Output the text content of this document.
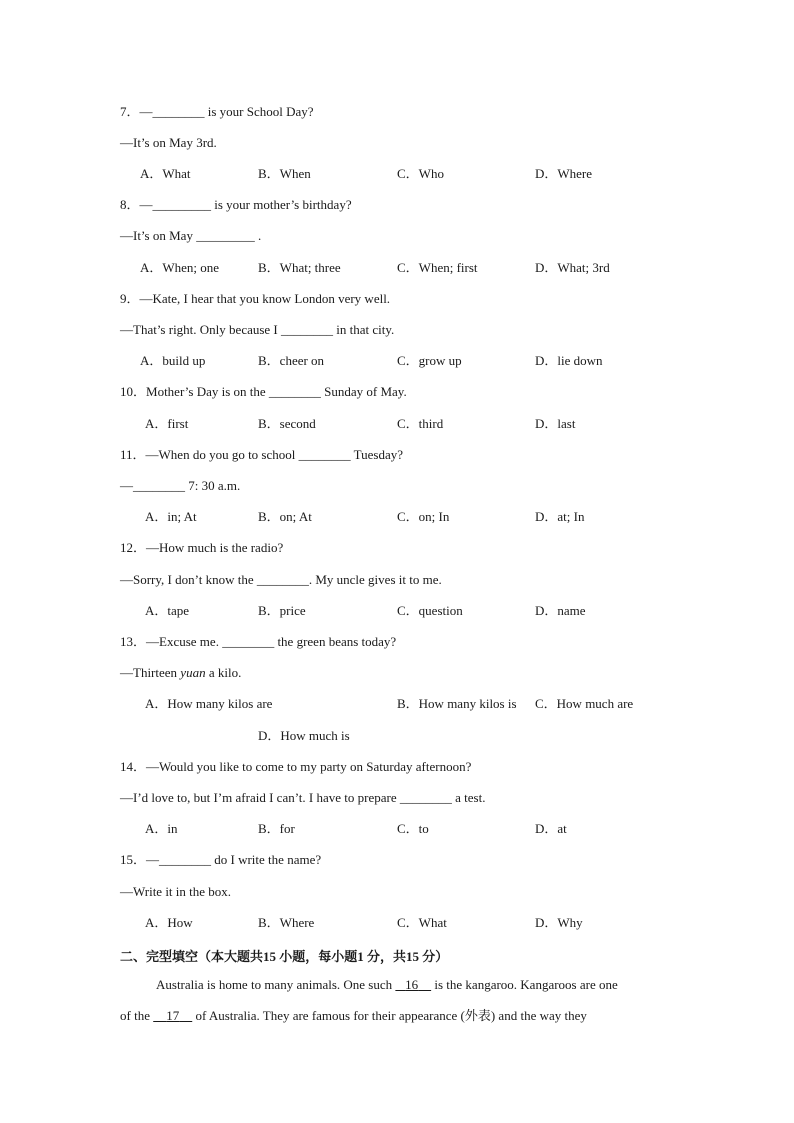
7．—________ is your School Day?
—It’s on May 3rd.
A．What	B．When	C．Who	D．Where
8．—_________ is your mother’s birthday?
—It’s on May _________ .
A．When; one	B．What; three	C．When; first	D．What; 3rd
9．—Kate, I hear that you know London very well.
—That’s right. Only because I ________ in that city.
A．build up	B．cheer on	C．grow up	D．lie down
10．Mother’s Day is on the ________ Sunday of May.
A．first	B．second	C．third	D．last
11．—When do you go to school ________ Tuesday?
—________ 7: 30 a.m.
A．in; At	B．on; At	C．on; In	D．at; In
12．—How much is the radio?
—Sorry, I don’t know the ________. My uncle gives it to me.
A．tape	B．price	C．question	D．name
13．—Excuse me. ________ the green beans today?
—Thirteen yuan a kilo.
A．How many kilos are	B．How many kilos is C．How much are
D．How much is
14．—Would you like to come to my party on Saturday afternoon?
—I’d love to, but I’m afraid I can’t. I have to prepare ________ a test.
A．in	B．for	C．to	D．at
15．—________ do I write the name?
—Write it in the box.
A．How	B．Where	C．What	D．Why
二、完型填空（本大题共15 小题，每小题1 分，共15 分）
Australia is home to many animals. One such    16     is the kangaroo. Kangaroos are one
of the     17     of Australia. They are famous for their appearance (外表) and the way they
